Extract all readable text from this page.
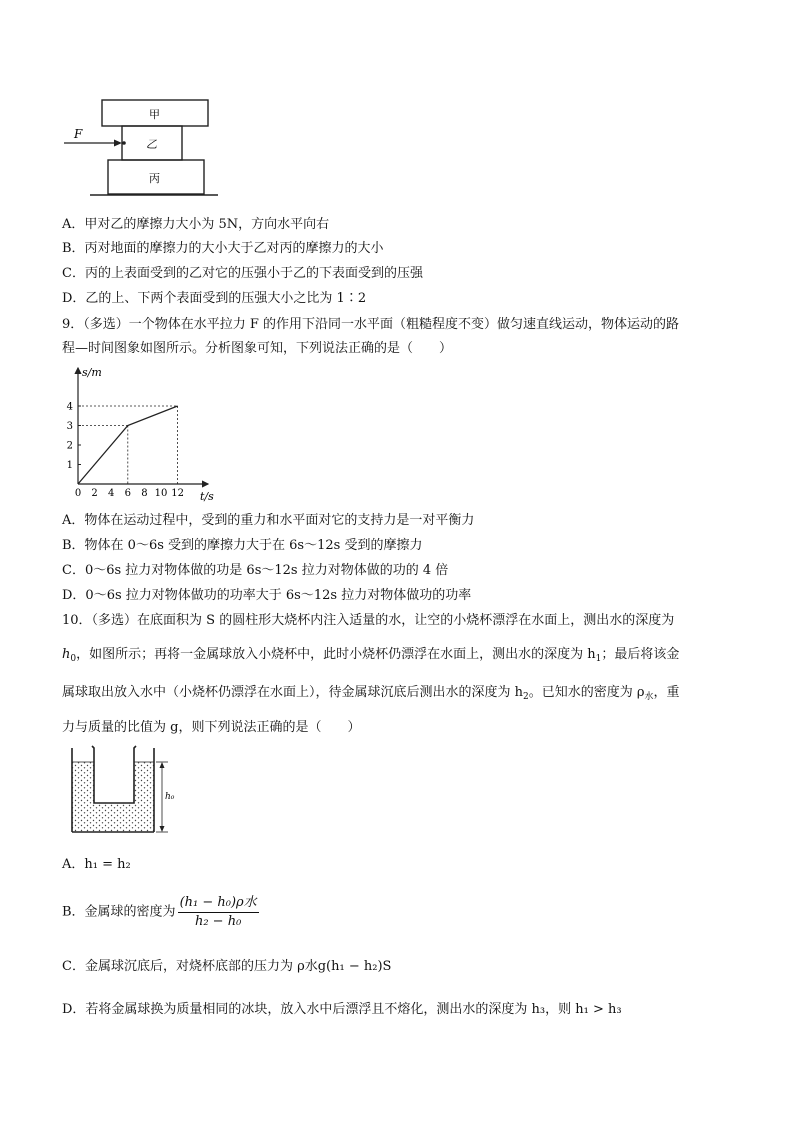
F
甲
乙
丙
A．甲对乙的摩擦力大小为 5N，方向水平向右
B．丙对地面的摩擦力的大小大于乙对丙的摩擦力的大小
C．丙的上表面受到的乙对它的压强小于乙的下表面受到的压强
D．乙的上、下两个表面受到的压强大小之比为 1∶2
9．（多选）一个物体在水平拉力 F 的作用下沿同一水平面（粗糙程度不变）做匀速直线运动，物体运动的路
程—时间图象如图所示。分析图象可知，下列说法正确的是（　　）
s/m
t/s
0 2 4 6 8 10 12
1
2
3
4
A．物体在运动过程中，受到的重力和水平面对它的支持力是一对平衡力
B．物体在 0～6s 受到的摩擦力大于在 6s～12s 受到的摩擦力
C．0～6s 拉力对物体做的功是 6s～12s 拉力对物体做的功的 4 倍
D．0～6s 拉力对物体做功的功率大于 6s～12s 拉力对物体做功的功率
10．（多选）在底面积为 S 的圆柱形大烧杯内注入适量的水，让空的小烧杯漂浮在水面上，测出水的深度为
$h_0$，如图所示；再将一金属球放入小烧杯中，此时小烧杯仍漂浮在水面上，测出水的深度为 $h_1$；最后将该金
属球取出放入水中（小烧杯仍漂浮在水面上），待金属球沉底后测出水的深度为 $h_2$。已知水的密度为 $\rho_水$，重
力与质量的比值为 g，则下列说法正确的是（　　）
h₀
A．h₁ = h₂
B．金属球的密度为 $\frac{\text{(h₁ − h₀)ρ水}}{\text{h₂ − h₀}}$
C．金属球沉底后，对烧杯底部的压力为 ρ水g(h₁ − h₂)S
D．若将金属球换为质量相同的冰块，放入水中后漂浮且不熔化，测出水的深度为 h₃，则 h₁ > h₃
